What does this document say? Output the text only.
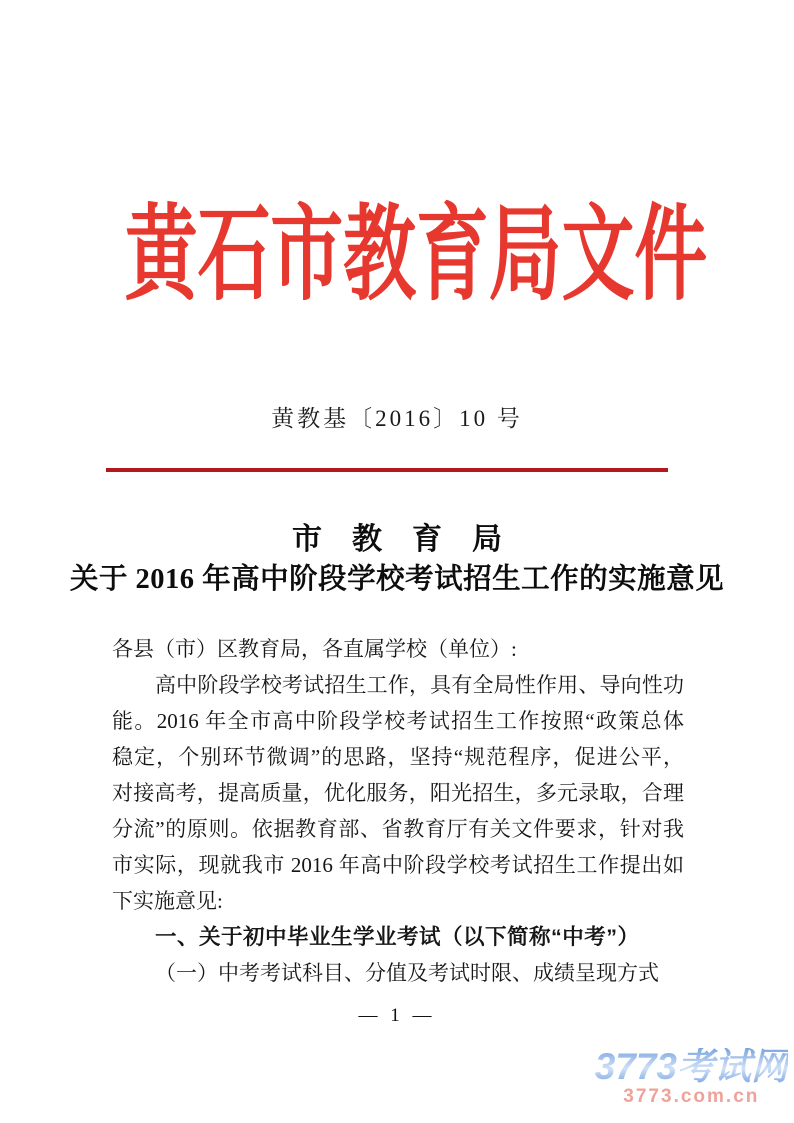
黄石市教育局文件
黄教基〔2016〕10 号
市　教　育　局
关于 2016 年高中阶段学校考试招生工作的实施意见
各县（市）区教育局，各直属学校（单位）:
高中阶段学校考试招生工作，具有全局性作用、导向性功
能。2016 年全市高中阶段学校考试招生工作按照“政策总体
稳定，个别环节微调”的思路，坚持“规范程序，促进公平，
对接高考，提高质量，优化服务，阳光招生，多元录取，合理
分流”的原则。依据教育部、省教育厅有关文件要求，针对我
市实际，现就我市 2016 年高中阶段学校考试招生工作提出如
下实施意见:
一、关于初中毕业生学业考试（以下简称“中考”）
（一）中考考试科目、分值及考试时限、成绩呈现方式
— 1 —
3773考试网
3773.com.cn
